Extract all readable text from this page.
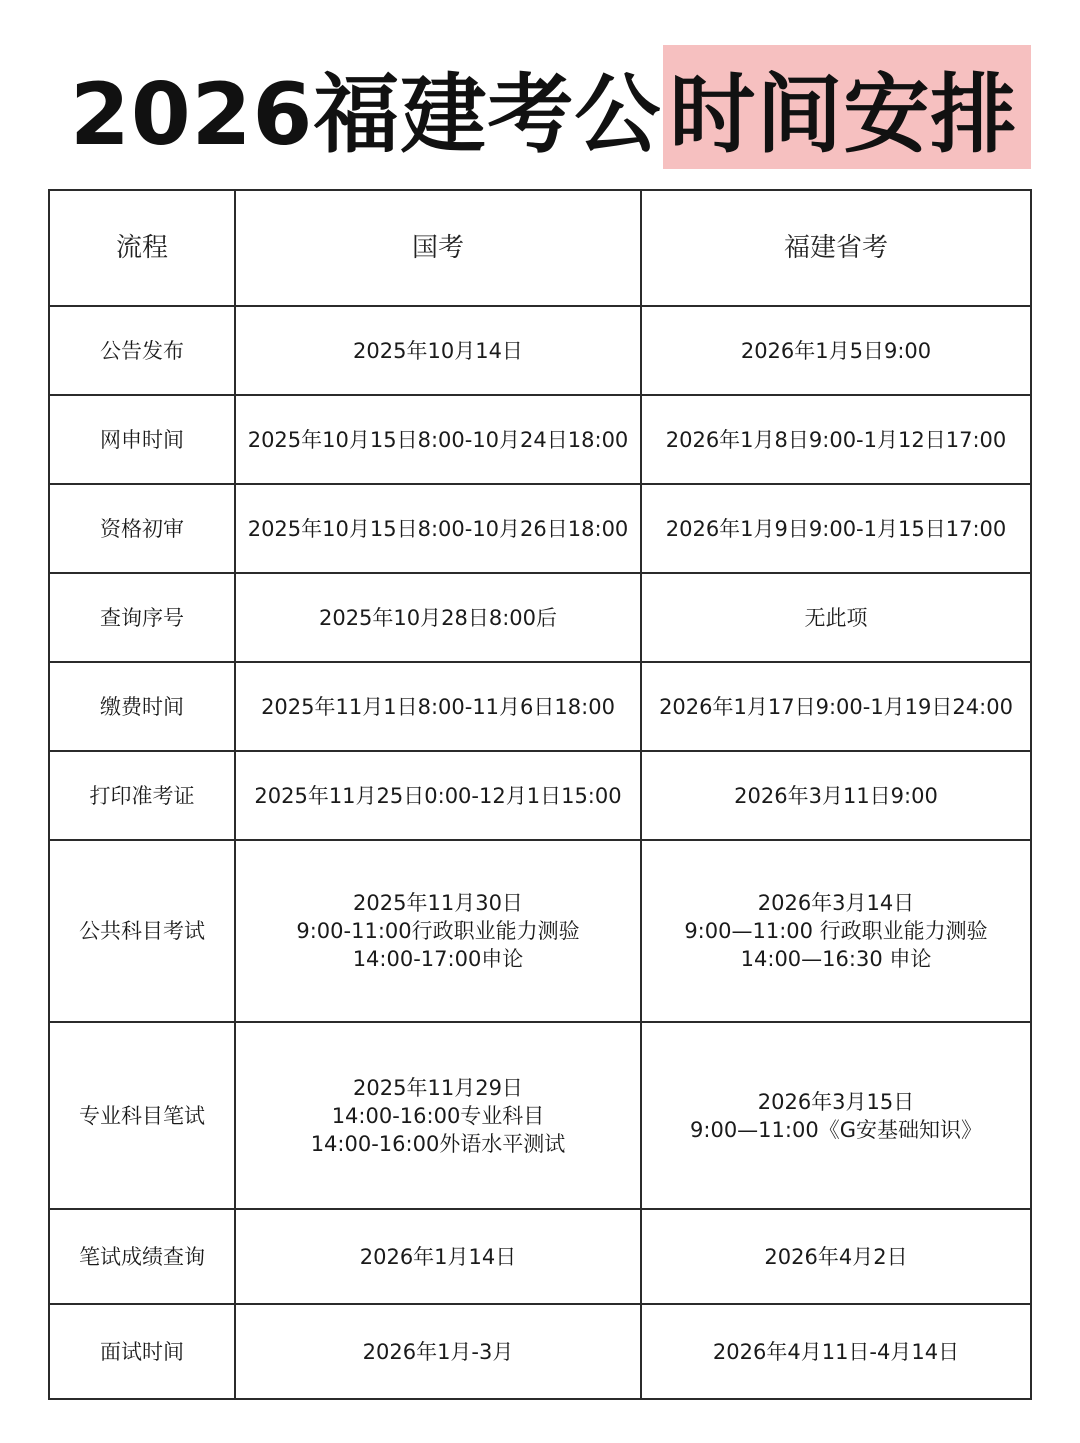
2026福建考公 时间安排
流程	国考	福建省考
公告发布	2025年10月14日	2026年1月5日9:00

网申时间	2025年10月15日8:00-10月24日18:00	2026年1月8日9:00-1月12日17:00

资格初审	2025年10月15日8:00-10月26日18:00	2026年1月9日9:00-1月15日17:00

查询序号	2025年10月28日8:00后	无此项

缴费时间	2025年11月1日8:00-11月6日18:00	2026年1月17日9:00-1月19日24:00

打印准考证	2025年11月25日0:00-12月1日15:00	2026年3月11日9:00

公共科目考试	2025年11月30日
9:00-11:00行政职业能力测验
14:00-17:00申论	2026年3月14日
9:00—11:00 行政职业能力测验
14:00—16:30 申论

专业科目笔试	2025年11月29日
14:00-16:00专业科目
14:00-16:00外语水平测试	2026年3月15日
9:00—11:00《G安基础知识》

笔试成绩查询	2026年1月14日	2026年4月2日

面试时间	2026年1月-3月	2026年4月11日-4月14日
